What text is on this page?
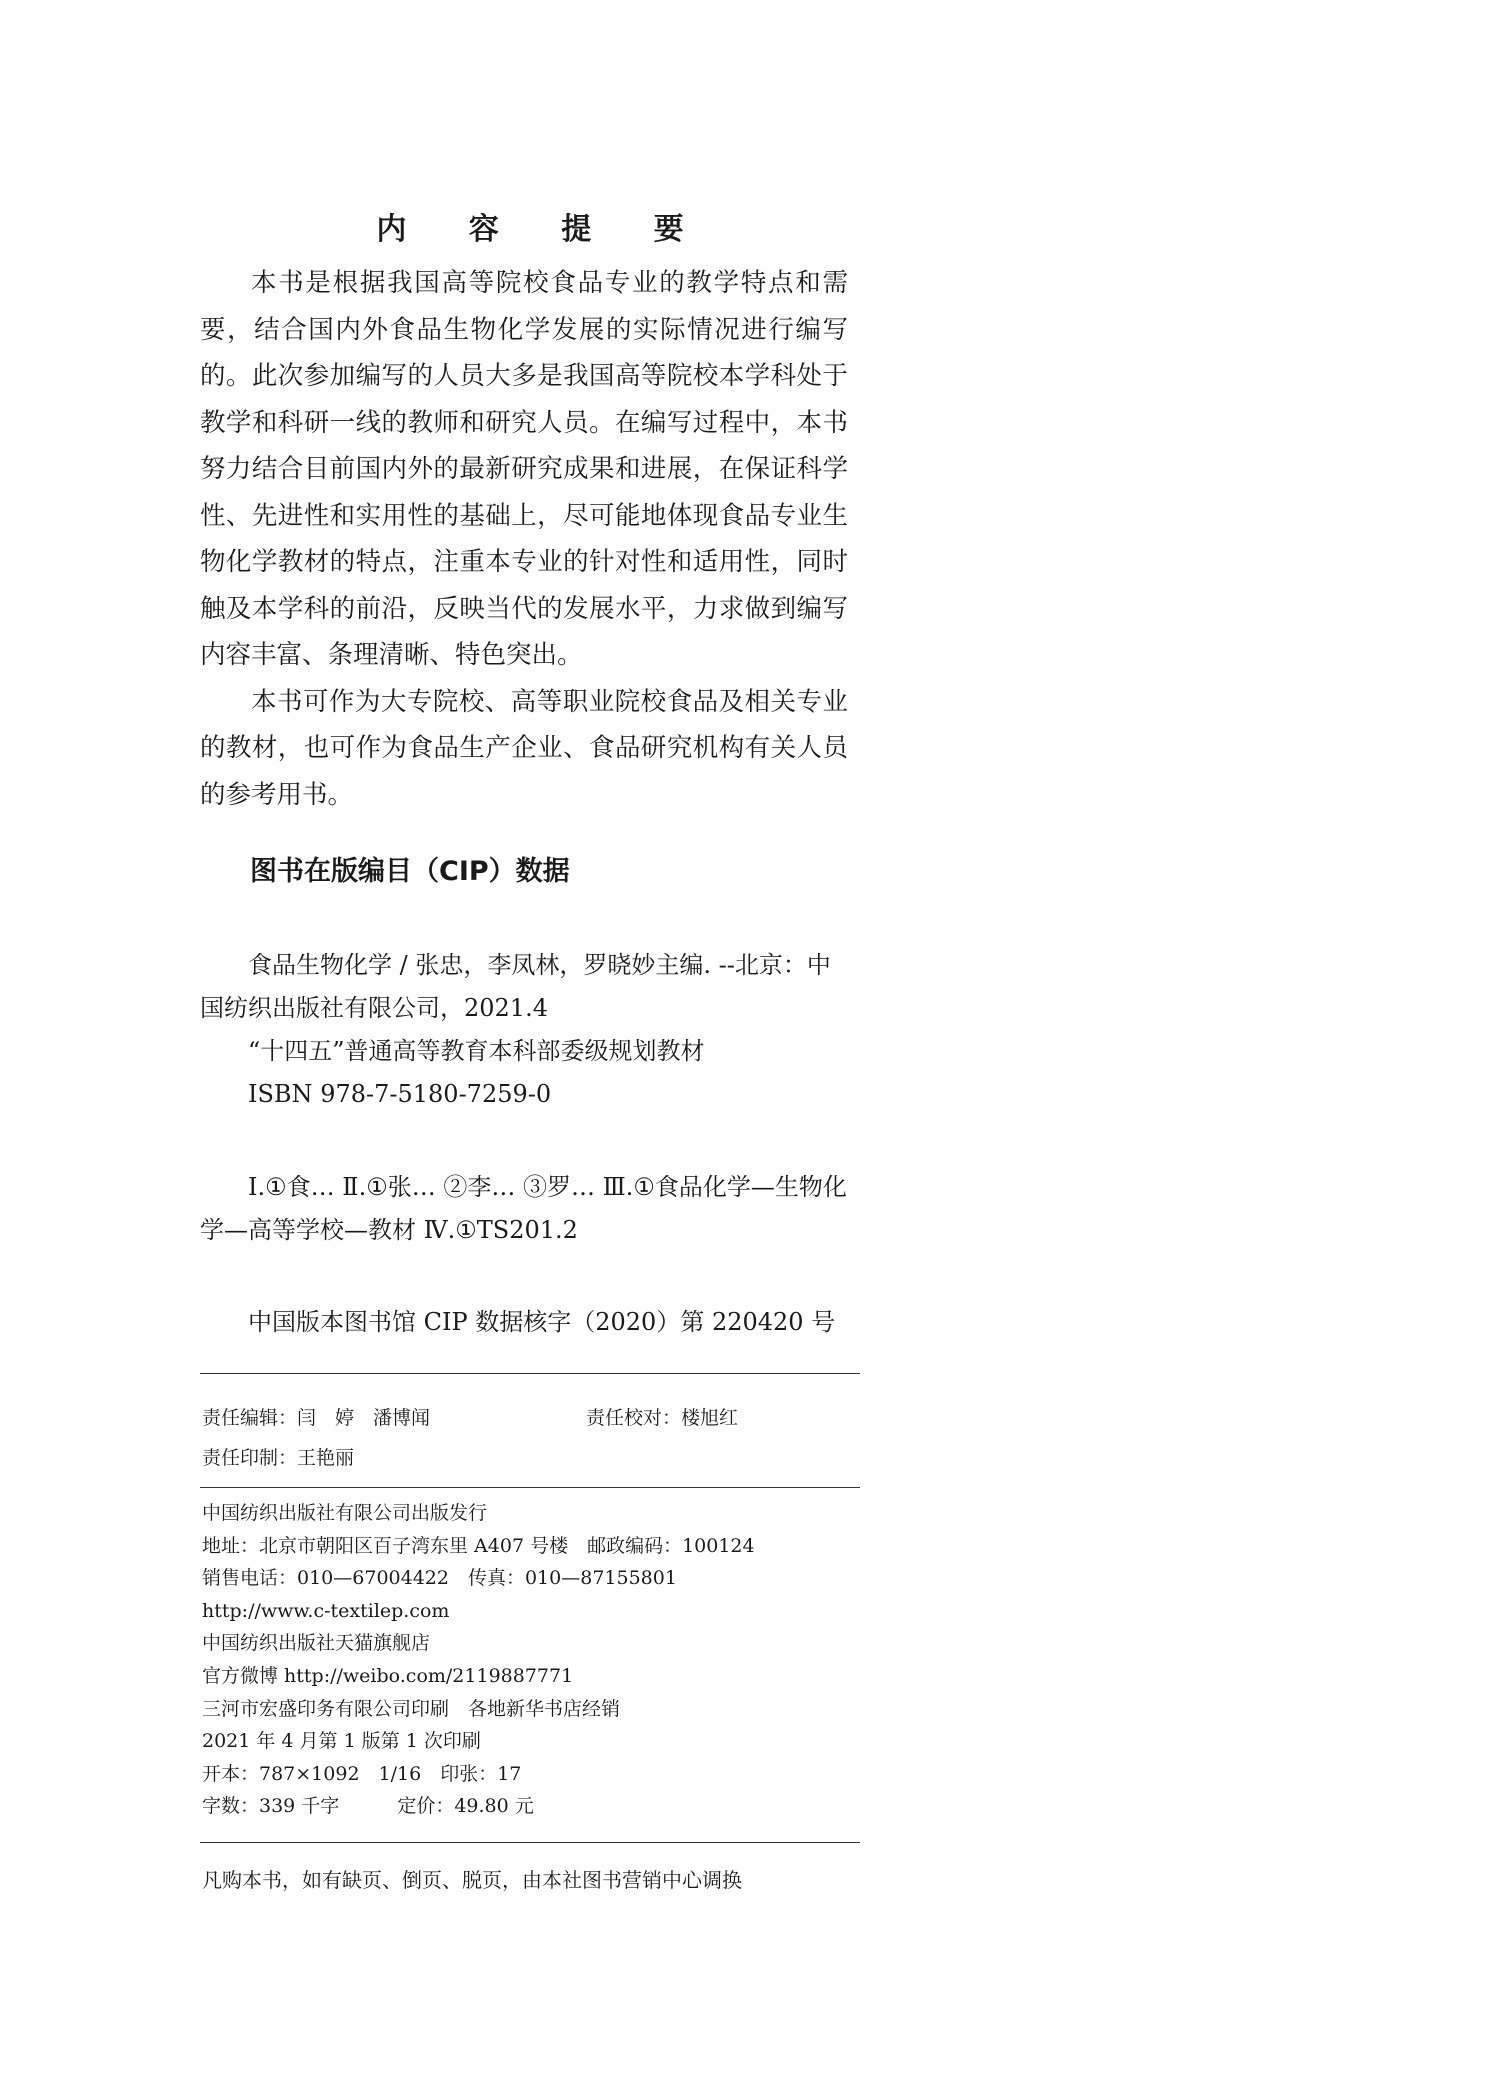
内 容 提 要

本书是根据我国高等院校食品专业的教学特点和需要，结合国内外食品生物化学发展的实际情况进行编写的。此次参加编写的人员大多是我国高等院校本学科处于教学和科研一线的教师和研究人员。在编写过程中，本书努力结合目前国内外的最新研究成果和进展，在保证科学性、先进性和实用性的基础上，尽可能地体现食品专业生物化学教材的特点，注重本专业的针对性和适用性，同时触及本学科的前沿，反映当代的发展水平，力求做到编写内容丰富、条理清晰、特色突出。

本书可作为大专院校、高等职业院校食品及相关专业的教材，也可作为食品生产企业、食品研究机构有关人员的参考用书。

图书在版编目（CIP）数据

食品生物化学 / 张忠，李凤林，罗晓妙主编. --北京：中国纺织出版社有限公司，2021.4

“十四五”普通高等教育本科部委级规划教材

ISBN 978-7-5180-7259-0

Ⅰ.①食… Ⅱ.①张… ②李… ③罗… Ⅲ.①食品化学—生物化学—高等学校—教材 Ⅳ.①TS201.2

中国版本图书馆 CIP 数据核字（2020）第 220420 号

责任编辑：闫　婷　潘博闻	责任校对：楼旭红
责任印制：王艳丽
中国纺织出版社有限公司出版发行
地址：北京市朝阳区百子湾东里 A407 号楼　邮政编码：100124
销售电话：010—67004422　传真：010—87155801
http://www.c-textilep.com
中国纺织出版社天猫旗舰店
官方微博 http://weibo.com/2119887771
三河市宏盛印务有限公司印刷　各地新华书店经销
2021 年 4 月第 1 版第 1 次印刷
开本：787×1092　1/16　印张：17
字数：339 千字	定价：49.80 元
凡购本书，如有缺页、倒页、脱页，由本社图书营销中心调换
